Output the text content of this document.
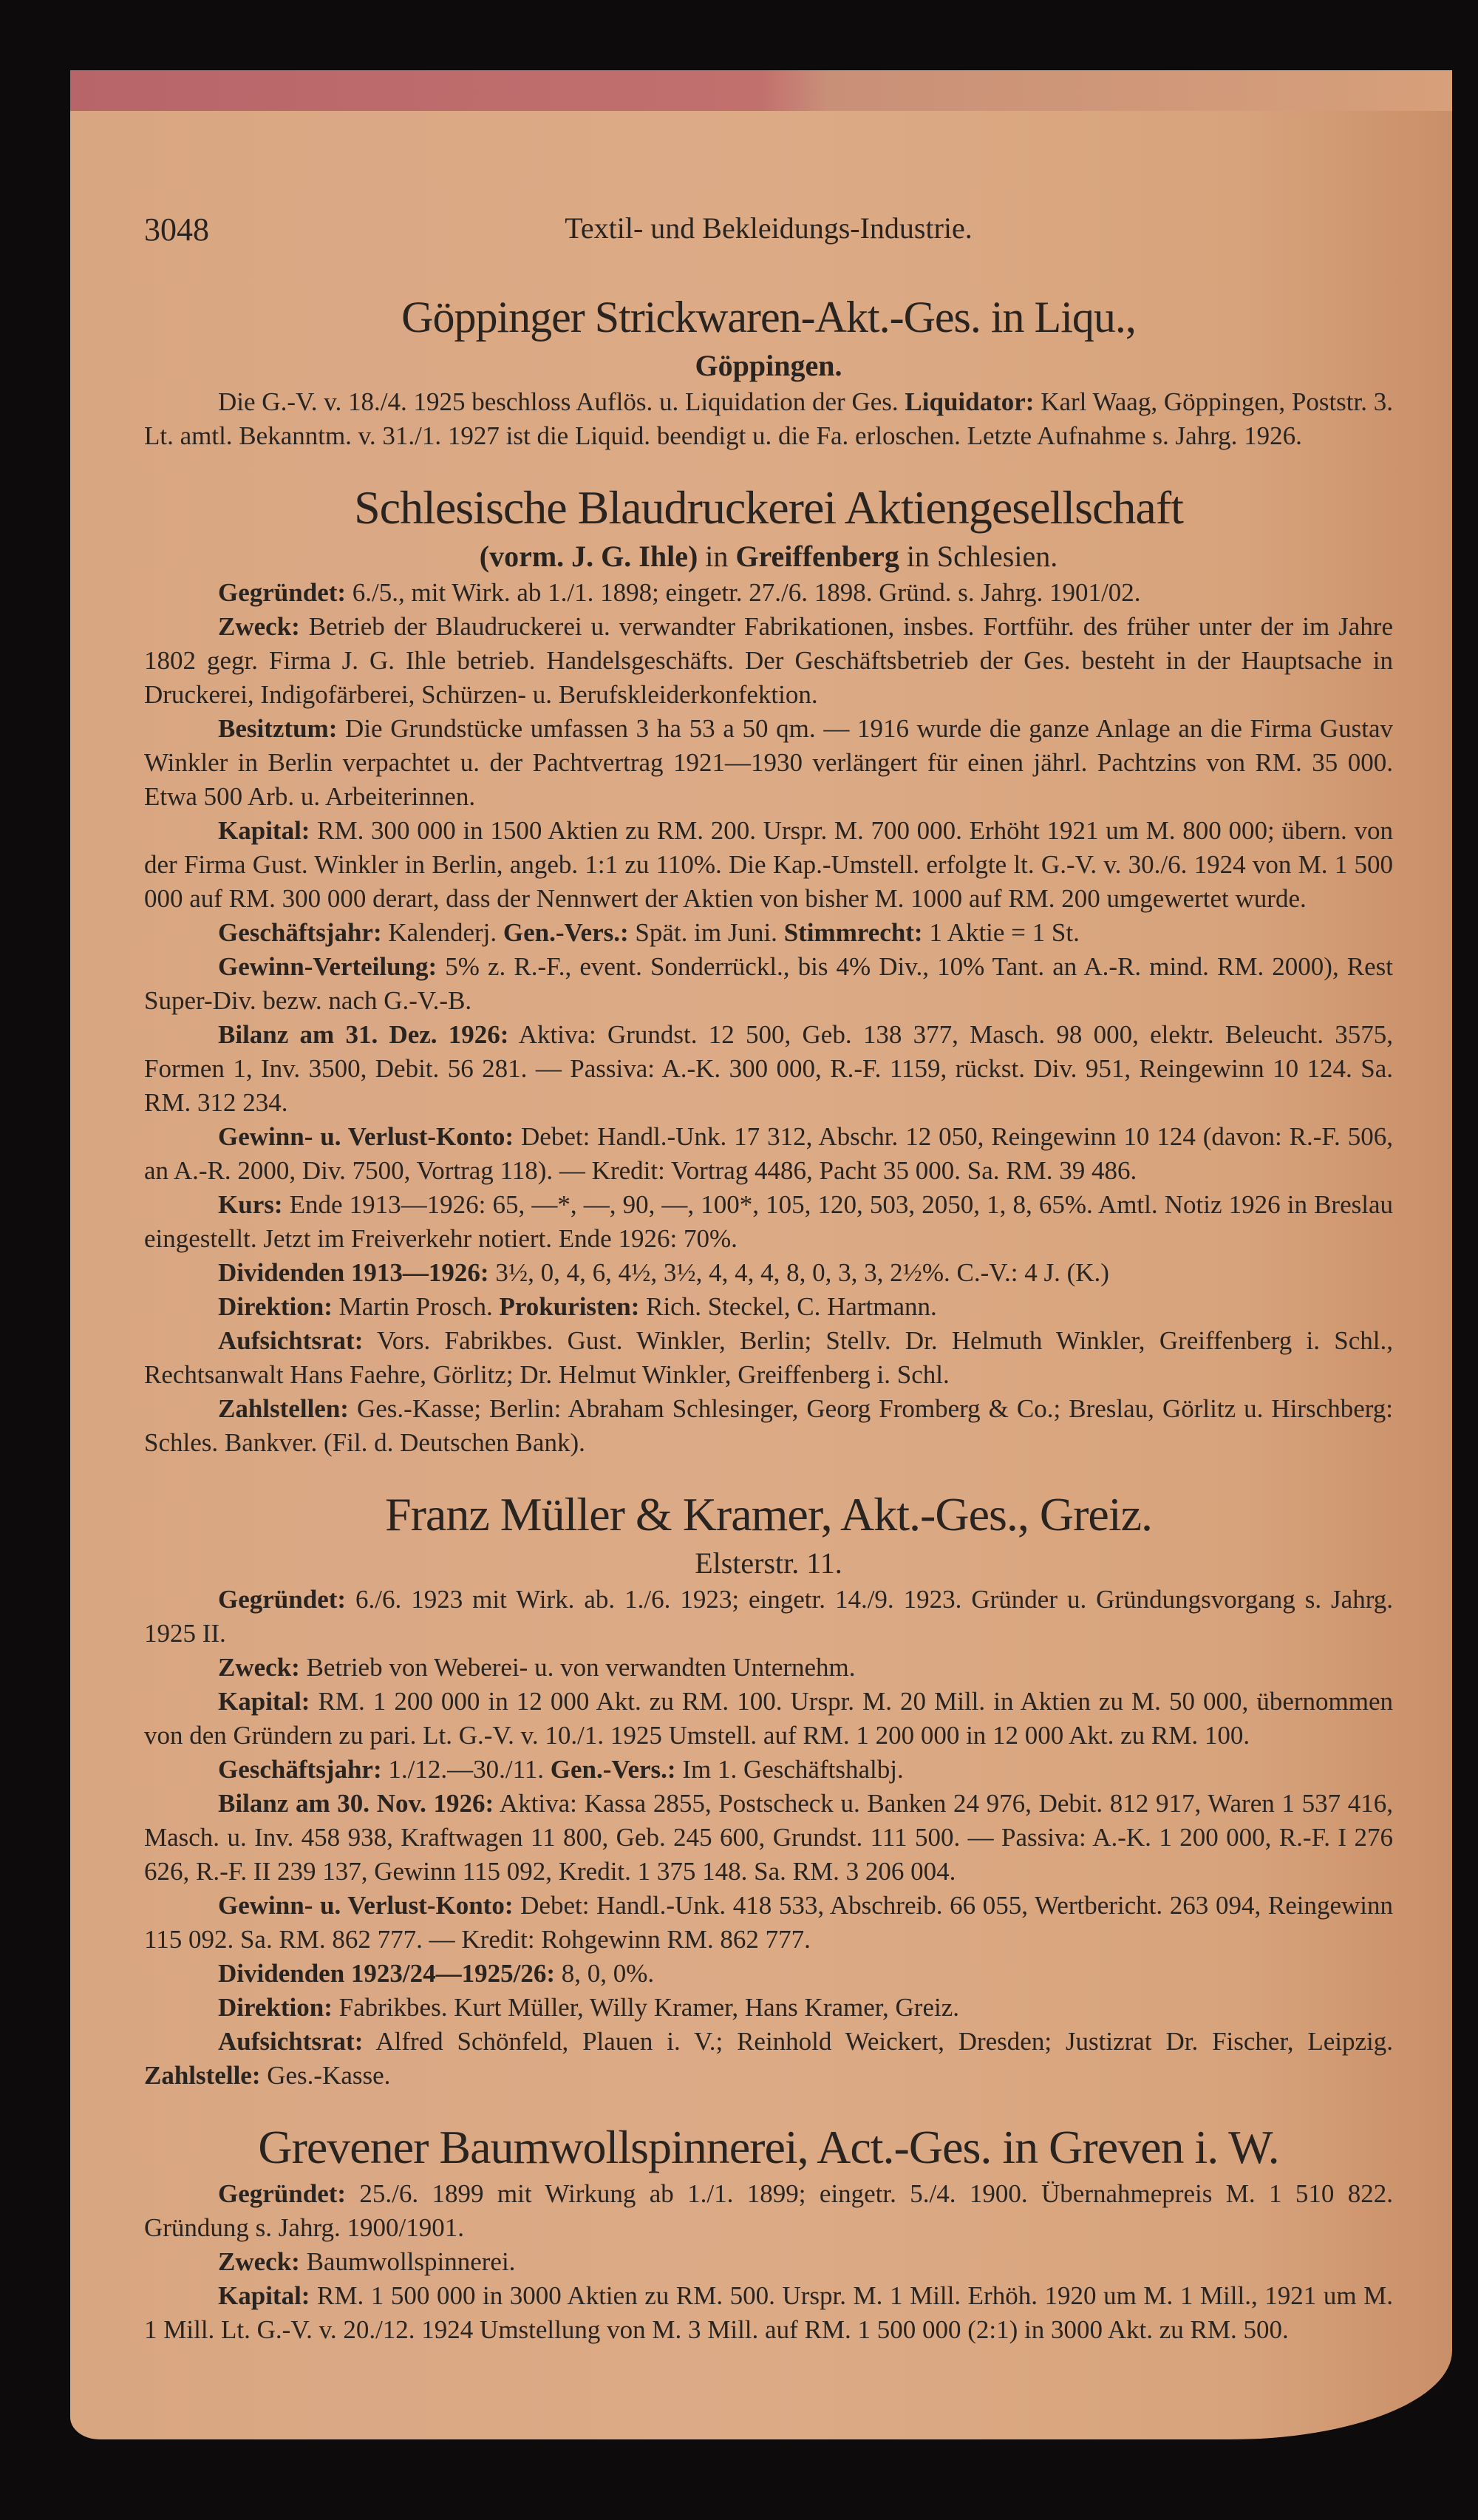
3048	Textil- und Bekleidungs-Industrie.
Göppinger Strickwaren-Akt.-Ges. in Liqu.,
Göppingen.

Die G.-V. v. 18./4. 1925 beschloss Auflös. u. Liquidation der Ges. Liquidator: Karl Waag, Göppingen, Poststr. 3. Lt. amtl. Bekanntm. v. 31./1. 1927 ist die Liquid. beendigt u. die Fa. erloschen. Letzte Aufnahme s. Jahrg. 1926.

Schlesische Blaudruckerei Aktiengesellschaft
(vorm. J. G. Ihle) in Greiffenberg in Schlesien.

Gegründet: 6./5., mit Wirk. ab 1./1. 1898; eingetr. 27./6. 1898. Gründ. s. Jahrg. 1901/02.

Zweck: Betrieb der Blaudruckerei u. verwandter Fabrikationen, insbes. Fortführ. des früher unter der im Jahre 1802 gegr. Firma J. G. Ihle betrieb. Handelsgeschäfts. Der Geschäftsbetrieb der Ges. besteht in der Hauptsache in Druckerei, Indigofärberei, Schürzen- u. Berufskleiderkonfektion.

Besitztum: Die Grundstücke umfassen 3 ha 53 a 50 qm. — 1916 wurde die ganze Anlage an die Firma Gustav Winkler in Berlin verpachtet u. der Pachtvertrag 1921—1930 verlängert für einen jährl. Pachtzins von RM. 35 000. Etwa 500 Arb. u. Arbeiterinnen.

Kapital: RM. 300 000 in 1500 Aktien zu RM. 200. Urspr. M. 700 000. Erhöht 1921 um M. 800 000; übern. von der Firma Gust. Winkler in Berlin, angeb. 1:1 zu 110%. Die Kap.-Umstell. erfolgte lt. G.-V. v. 30./6. 1924 von M. 1 500 000 auf RM. 300 000 derart, dass der Nennwert der Aktien von bisher M. 1000 auf RM. 200 umgewertet wurde.

Geschäftsjahr: Kalenderj. Gen.-Vers.: Spät. im Juni. Stimmrecht: 1 Aktie = 1 St.

Gewinn-Verteilung: 5% z. R.-F., event. Sonderrückl., bis 4% Div., 10% Tant. an A.-R. mind. RM. 2000), Rest Super-Div. bezw. nach G.-V.-B.

Bilanz am 31. Dez. 1926: Aktiva: Grundst. 12 500, Geb. 138 377, Masch. 98 000, elektr. Beleucht. 3575, Formen 1, Inv. 3500, Debit. 56 281. — Passiva: A.-K. 300 000, R.-F. 1159, rückst. Div. 951, Reingewinn 10 124. Sa. RM. 312 234.

Gewinn- u. Verlust-Konto: Debet: Handl.-Unk. 17 312, Abschr. 12 050, Reingewinn 10 124 (davon: R.-F. 506, an A.-R. 2000, Div. 7500, Vortrag 118). — Kredit: Vortrag 4486, Pacht 35 000. Sa. RM. 39 486.

Kurs: Ende 1913—1926: 65, —*, —, 90, —, 100*, 105, 120, 503, 2050, 1, 8, 65%. Amtl. Notiz 1926 in Breslau eingestellt. Jetzt im Freiverkehr notiert. Ende 1926: 70%.

Dividenden 1913—1926: 3½, 0, 4, 6, 4½, 3½, 4, 4, 4, 8, 0, 3, 3, 2½%. C.-V.: 4 J. (K.)

Direktion: Martin Prosch. Prokuristen: Rich. Steckel, C. Hartmann.

Aufsichtsrat: Vors. Fabrikbes. Gust. Winkler, Berlin; Stellv. Dr. Helmuth Winkler, Greiffenberg i. Schl., Rechtsanwalt Hans Faehre, Görlitz; Dr. Helmut Winkler, Greiffenberg i. Schl.

Zahlstellen: Ges.-Kasse; Berlin: Abraham Schlesinger, Georg Fromberg & Co.; Breslau, Görlitz u. Hirschberg: Schles. Bankver. (Fil. d. Deutschen Bank).

Franz Müller & Kramer, Akt.-Ges., Greiz.
Elsterstr. 11.

Gegründet: 6./6. 1923 mit Wirk. ab. 1./6. 1923; eingetr. 14./9. 1923. Gründer u. Gründungsvorgang s. Jahrg. 1925 II.

Zweck: Betrieb von Weberei- u. von verwandten Unternehm.

Kapital: RM. 1 200 000 in 12 000 Akt. zu RM. 100. Urspr. M. 20 Mill. in Aktien zu M. 50 000, übernommen von den Gründern zu pari. Lt. G.-V. v. 10./1. 1925 Umstell. auf RM. 1 200 000 in 12 000 Akt. zu RM. 100.

Geschäftsjahr: 1./12.—30./11. Gen.-Vers.: Im 1. Geschäftshalbj.

Bilanz am 30. Nov. 1926: Aktiva: Kassa 2855, Postscheck u. Banken 24 976, Debit. 812 917, Waren 1 537 416, Masch. u. Inv. 458 938, Kraftwagen 11 800, Geb. 245 600, Grundst. 111 500. — Passiva: A.-K. 1 200 000, R.-F. I 276 626, R.-F. II 239 137, Gewinn 115 092, Kredit. 1 375 148. Sa. RM. 3 206 004.

Gewinn- u. Verlust-Konto: Debet: Handl.-Unk. 418 533, Abschreib. 66 055, Wertbericht. 263 094, Reingewinn 115 092. Sa. RM. 862 777. — Kredit: Rohgewinn RM. 862 777.

Dividenden 1923/24—1925/26: 8, 0, 0%.

Direktion: Fabrikbes. Kurt Müller, Willy Kramer, Hans Kramer, Greiz.

Aufsichtsrat: Alfred Schönfeld, Plauen i. V.; Reinhold Weickert, Dresden; Justizrat Dr. Fischer, Leipzig. Zahlstelle: Ges.-Kasse.

Grevener Baumwollspinnerei, Act.-Ges. in Greven i. W.

Gegründet: 25./6. 1899 mit Wirkung ab 1./1. 1899; eingetr. 5./4. 1900. Übernahmepreis M. 1 510 822. Gründung s. Jahrg. 1900/1901.

Zweck: Baumwollspinnerei.

Kapital: RM. 1 500 000 in 3000 Aktien zu RM. 500. Urspr. M. 1 Mill. Erhöh. 1920 um M. 1 Mill., 1921 um M. 1 Mill. Lt. G.-V. v. 20./12. 1924 Umstellung von M. 3 Mill. auf RM. 1 500 000 (2:1) in 3000 Akt. zu RM. 500.
